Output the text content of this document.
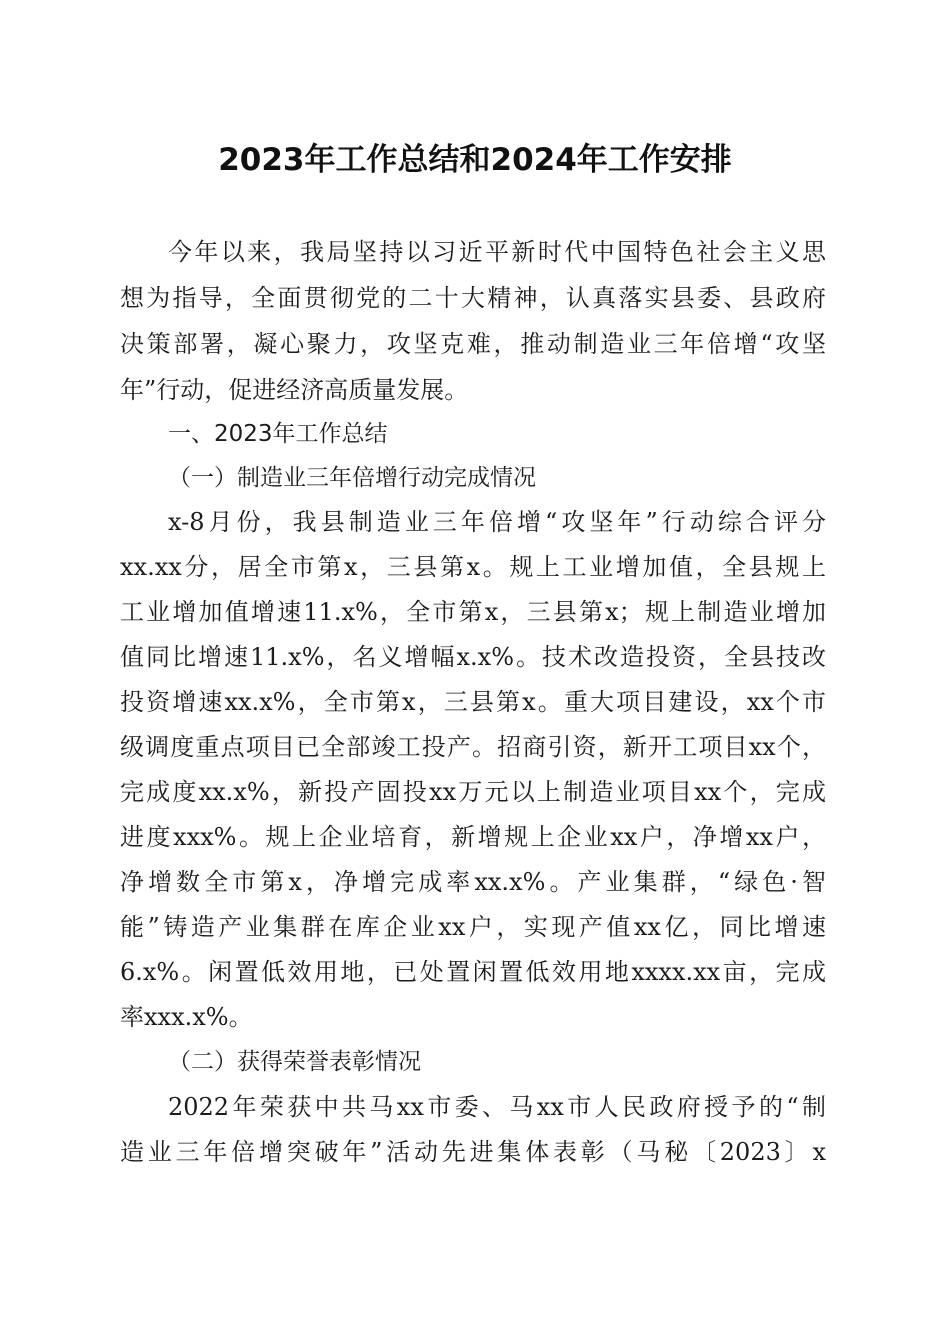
2023年工作总结和2024年工作安排
今年以来，我局坚持以习近平新时代中国特色社会主义思
想为指导，全面贯彻党的二十大精神，认真落实县委、县政府
决策部署，凝心聚力，攻坚克难，推动制造业三年倍增“攻坚
年”行动，促进经济高质量发展。
一、2023年工作总结
（一）制造业三年倍增行动完成情况
x-8月份，我县制造业三年倍增“攻坚年”行动综合评分
xx.xx分，居全市第x，三县第x。规上工业增加值，全县规上
工业增加值增速11.x%，全市第x，三县第x；规上制造业增加
值同比增速11.x%，名义增幅x.x%。技术改造投资，全县技改
投资增速xx.x%，全市第x，三县第x。重大项目建设，xx个市
级调度重点项目已全部竣工投产。招商引资，新开工项目xx个，
完成度xx.x%，新投产固投xx万元以上制造业项目xx个，完成
进度xxx%。规上企业培育，新增规上企业xx户，净增xx户，
净增数全市第x，净增完成率xx.x%。产业集群，“绿色·智
能”铸造产业集群在库企业xx户，实现产值xx亿，同比增速
6.x%。闲置低效用地，已处置闲置低效用地xxxx.xx亩，完成
率xxx.x%。
（二）获得荣誉表彰情况
2022年荣获中共马xx市委、马xx市人民政府授予的“制
造业三年倍增突破年”活动先进集体表彰（马秘〔2023〕x
